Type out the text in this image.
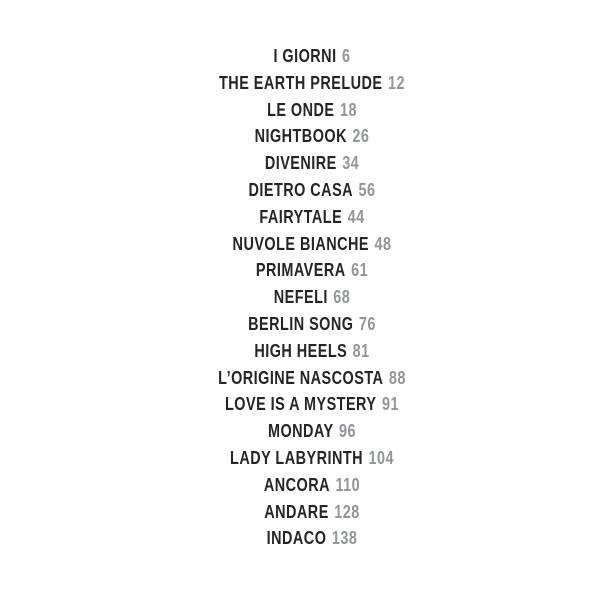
I GIORNI 6
THE EARTH PRELUDE 12
LE ONDE 18
NIGHTBOOK 26
DIVENIRE 34
DIETRO CASA 56
FAIRYTALE 44
NUVOLE BIANCHE 48
PRIMAVERA 61
NEFELI 68
BERLIN SONG 76
HIGH HEELS 81
L’ORIGINE NASCOSTA 88
LOVE IS A MYSTERY 91
MONDAY 96
LADY LABYRINTH 104
ANCORA 110
ANDARE 128
INDACO 138
